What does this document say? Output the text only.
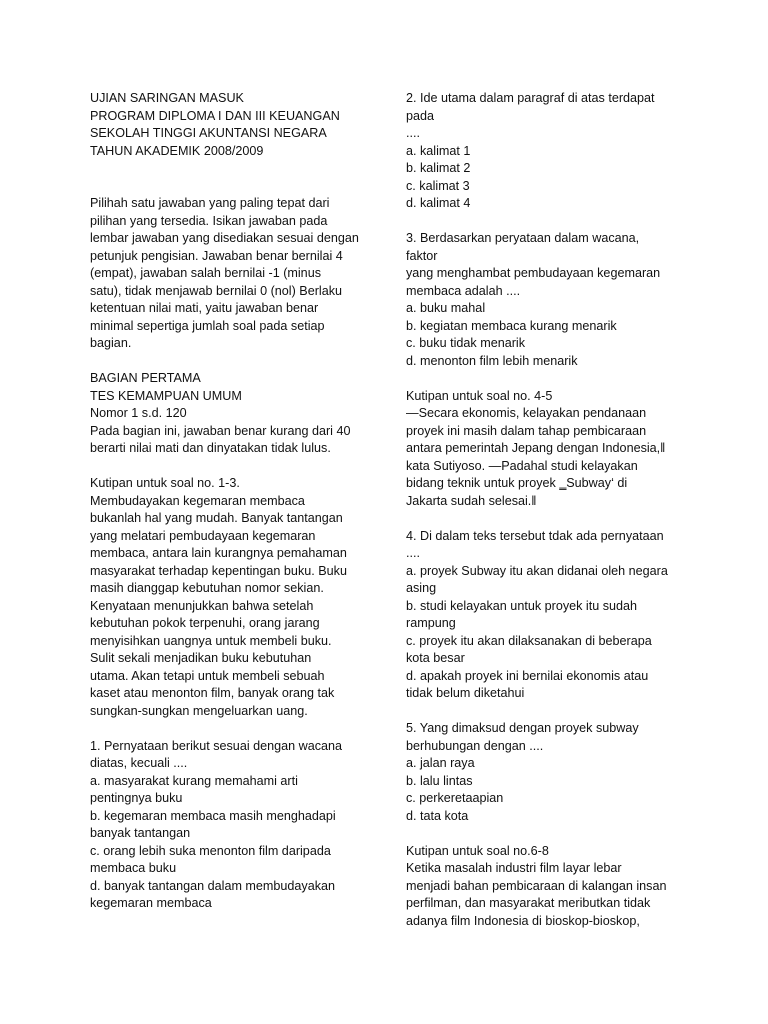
UJIAN SARINGAN MASUK
PROGRAM DIPLOMA I DAN III KEUANGAN
SEKOLAH TINGGI AKUNTANSI NEGARA
TAHUN AKADEMIK 2008/2009
Pilihah satu jawaban yang paling tepat dari
pilihan yang tersedia. Isikan jawaban pada
lembar jawaban yang disediakan sesuai dengan
petunjuk pengisian. Jawaban benar bernilai 4
(empat), jawaban salah bernilai -1 (minus
satu), tidak menjawab bernilai 0 (nol) Berlaku
ketentuan nilai mati, yaitu jawaban benar
minimal sepertiga jumlah soal pada setiap
bagian.
BAGIAN PERTAMA
TES KEMAMPUAN UMUM
Nomor 1 s.d. 120
Pada bagian ini, jawaban benar kurang dari 40
berarti nilai mati dan dinyatakan tidak lulus.
Kutipan untuk soal no. 1-3.
Membudayakan kegemaran membaca
bukanlah hal yang mudah. Banyak tantangan
yang melatari pembudayaan kegemaran
membaca, antara lain kurangnya pemahaman
masyarakat terhadap kepentingan buku. Buku
masih dianggap kebutuhan nomor sekian.
Kenyataan menunjukkan bahwa setelah
kebutuhan pokok terpenuhi, orang jarang
menyisihkan uangnya untuk membeli buku.
Sulit sekali menjadikan buku kebutuhan
utama. Akan tetapi untuk membeli sebuah
kaset atau menonton film, banyak orang tak
sungkan-sungkan mengeluarkan uang.
1. Pernyataan berikut sesuai dengan wacana
diatas, kecuali ....
a. masyarakat kurang memahami arti
pentingnya buku
b. kegemaran membaca masih menghadapi
banyak tantangan
c. orang lebih suka menonton film daripada
membaca buku
d. banyak tantangan dalam membudayakan
kegemaran membaca
2. Ide utama dalam paragraf di atas terdapat
pada
....
a. kalimat 1
b. kalimat 2
c. kalimat 3
d. kalimat 4
3. Berdasarkan peryataan dalam wacana,
faktor
yang menghambat pembudayaan kegemaran
membaca adalah ....
a. buku mahal
b. kegiatan membaca kurang menarik
c. buku tidak menarik
d. menonton film lebih menarik
Kutipan untuk soal no. 4-5
—Secara ekonomis, kelayakan pendanaan
proyek ini masih dalam tahap pembicaraan
antara pemerintah Jepang dengan Indonesia,‖
kata Sutiyoso. —Padahal studi kelayakan
bidang teknik untuk proyek ‗Subway‘ di
Jakarta sudah selesai.‖
4. Di dalam teks tersebut tdak ada pernyataan
....
a. proyek Subway itu akan didanai oleh negara
asing
b. studi kelayakan untuk proyek itu sudah
rampung
c. proyek itu akan dilaksanakan di beberapa
kota besar
d. apakah proyek ini bernilai ekonomis atau
tidak belum diketahui
5. Yang dimaksud dengan proyek subway
berhubungan dengan ....
a. jalan raya
b. lalu lintas
c. perkeretaapian
d. tata kota
Kutipan untuk soal no.6-8
Ketika masalah industri film layar lebar
menjadi bahan pembicaraan di kalangan insan
perfilman, dan masyarakat meributkan tidak
adanya film Indonesia di bioskop-bioskop,
